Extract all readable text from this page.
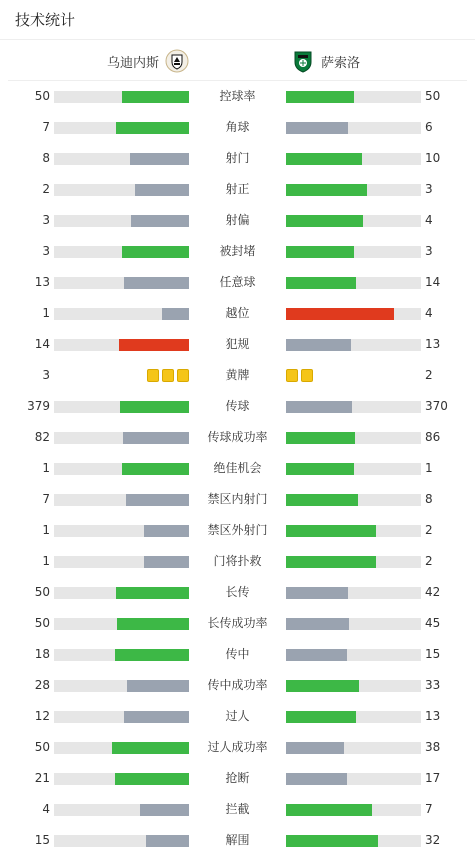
技术统计
乌迪内斯	萨索洛
50	控球率	50
7	角球	6
8	射门	10
2	射正	3
3	射偏	4
3	被封堵	3
13	任意球	14
1	越位	4
14	犯规	13
3	黄牌	2
379	传球	370
82	传球成功率	86
1	绝佳机会	1
7	禁区内射门	8
1	禁区外射门	2
1	门将扑救	2
50	长传	42
50	长传成功率	45
18	传中	15
28	传中成功率	33
12	过人	13
50	过人成功率	38
21	抢断	17
4	拦截	7
15	解围	32
